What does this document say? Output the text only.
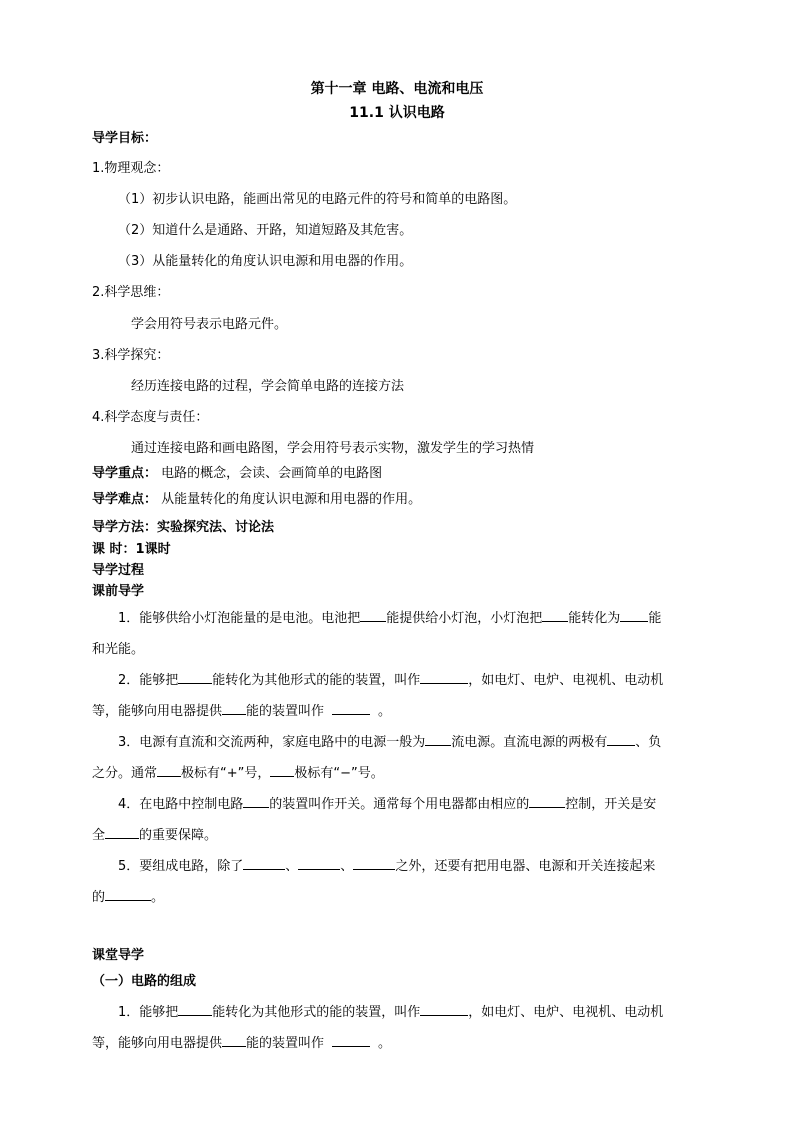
第十一章 电路、电流和电压
11.1 认识电路
导学目标：
1.物理观念：
（1）初步认识电路，能画出常见的电路元件的符号和简单的电路图。
（2）知道什么是通路、开路，知道短路及其危害。
（3）从能量转化的角度认识电源和用电器的作用。
2.科学思维：
学会用符号表示电路元件。
3.科学探究：
经历连接电路的过程，学会简单电路的连接方法
4.科学态度与责任：
通过连接电路和画电路图，学会用符号表示实物，激发学生的学习热情
导学重点： 电路的概念，会读、会画简单的电路图
导学难点： 从能量转化的角度认识电源和用电器的作用。
导学方法：实验探究法、讨论法
课 时：1课时
导学过程
课前导学
1．能够供给小灯泡能量的是电池。电池把 能提供给小灯泡，小灯泡把 能转化为 能
和光能。
2．能够把	能转化为其他形式的能的装置，叫作	，如电灯、电炉、电视机、电动机
等，能够向用电器提供 能的装置叫作	。
3．电源有直流和交流两种，家庭电路中的电源一般为 流电源。直流电源的两极有 、负
之分。通常 极标有“+”号， 极标有“−”号。
4．在电路中控制电路 的装置叫作开关。通常每个用电器都由相应的	控制，开关是安
全	的重要保障。
5．要组成电路，除了	、	、	之外，还要有把用电器、电源和开关连接起来
的	。
课堂导学
（一）电路的组成
1．能够把	能转化为其他形式的能的装置，叫作	，如电灯、电炉、电视机、电动机
等，能够向用电器提供 能的装置叫作	。
